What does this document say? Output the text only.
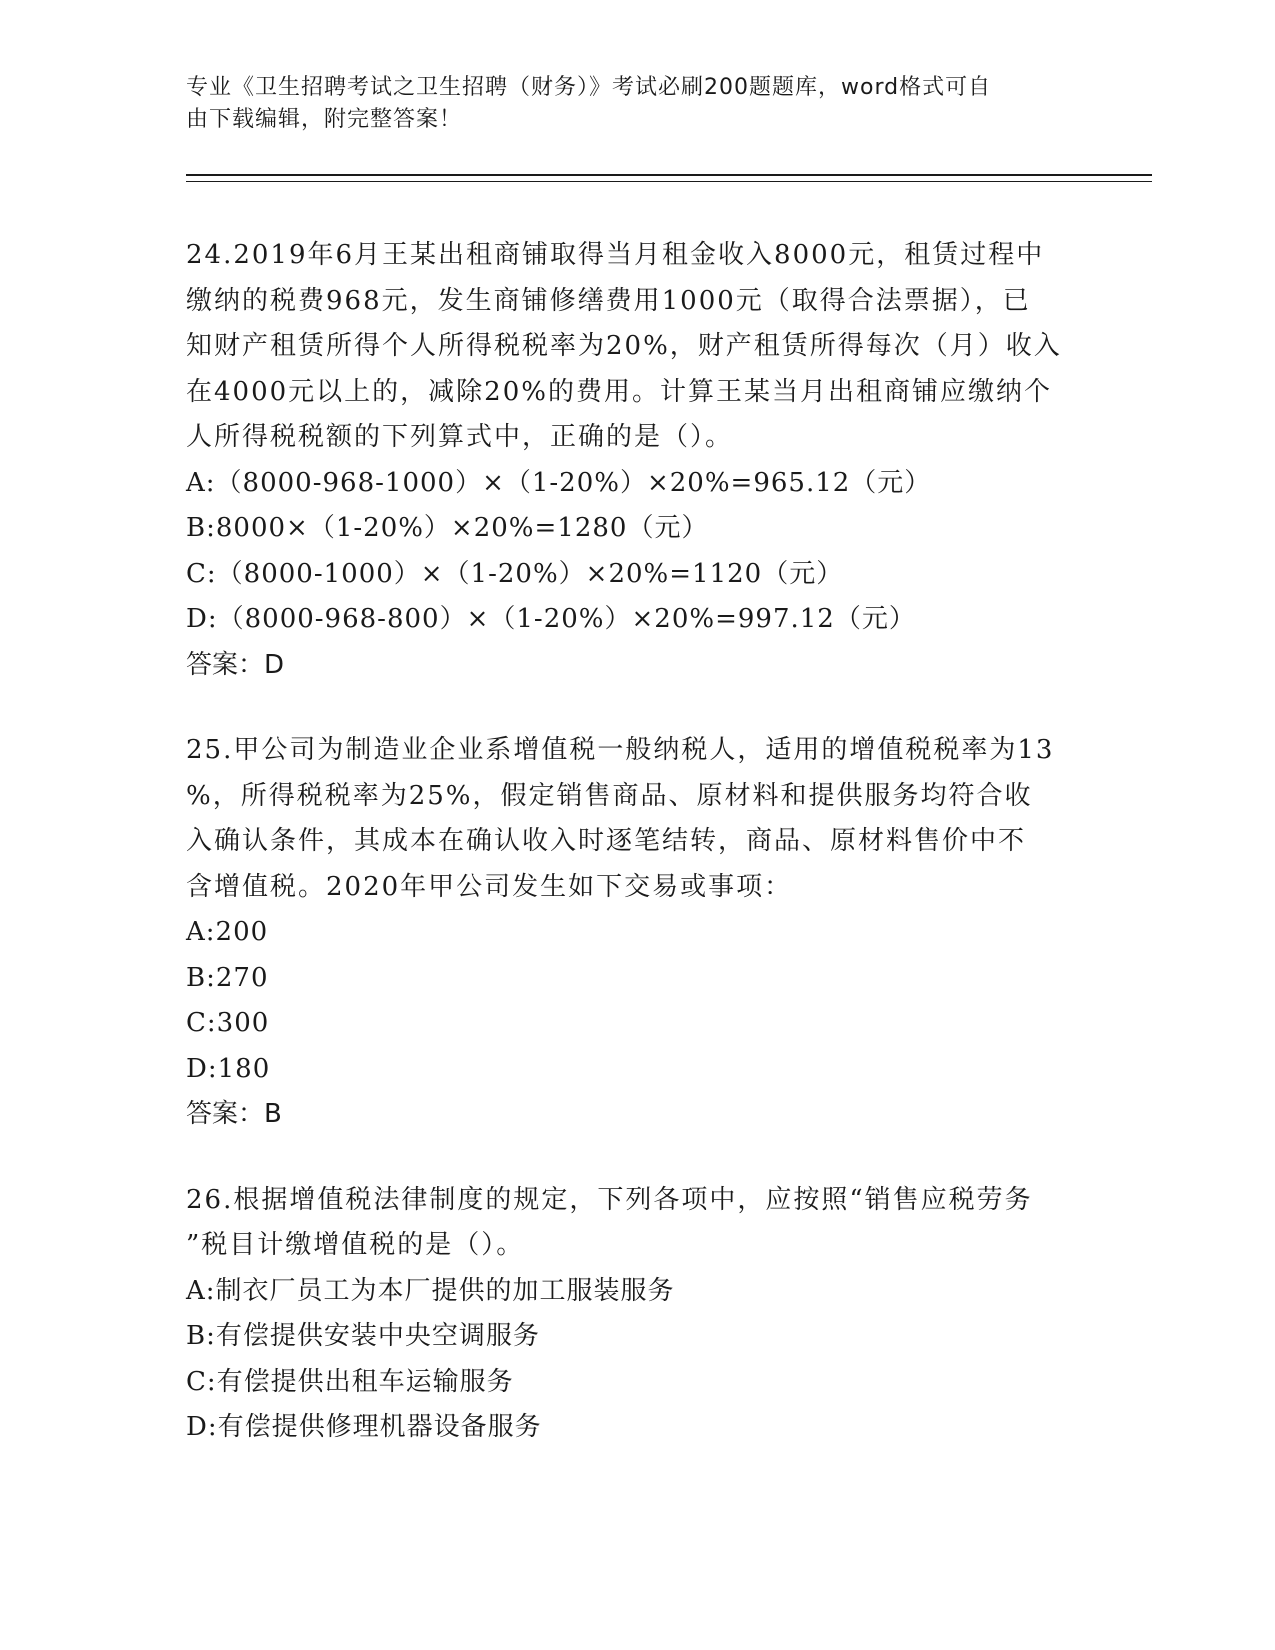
专业《卫生招聘考试之卫生招聘（财务）》考试必刷200题题库，word格式可自
由下载编辑，附完整答案！

24.2019年6月王某出租商铺取得当月租金收入8000元，租赁过程中

缴纳的税费968元，发生商铺修缮费用1000元（取得合法票据），已

知财产租赁所得个人所得税税率为20%，财产租赁所得每次（月）收入

在4000元以上的，减除20%的费用。计算王某当月出租商铺应缴纳个

人所得税税额的下列算式中，正确的是（）。

A:（8000-968-1000）×（1-20%）×20%=965.12（元）

B:8000×（1-20%）×20%=1280（元）

C:（8000-1000）×（1-20%）×20%=1120（元）

D:（8000-968-800）×（1-20%）×20%=997.12（元）

答案：D

25.甲公司为制造业企业系增值税一般纳税人，适用的增值税税率为13

%，所得税税率为25%，假定销售商品、原材料和提供服务均符合收

入确认条件，其成本在确认收入时逐笔结转，商品、原材料售价中不

含增值税。2020年甲公司发生如下交易或事项：

A:200

B:270

C:300

D:180

答案：B

26.根据增值税法律制度的规定，下列各项中，应按照“销售应税劳务

”税目计缴增值税的是（）。

A:制衣厂员工为本厂提供的加工服装服务

B:有偿提供安装中央空调服务

C:有偿提供出租车运输服务

D:有偿提供修理机器设备服务
